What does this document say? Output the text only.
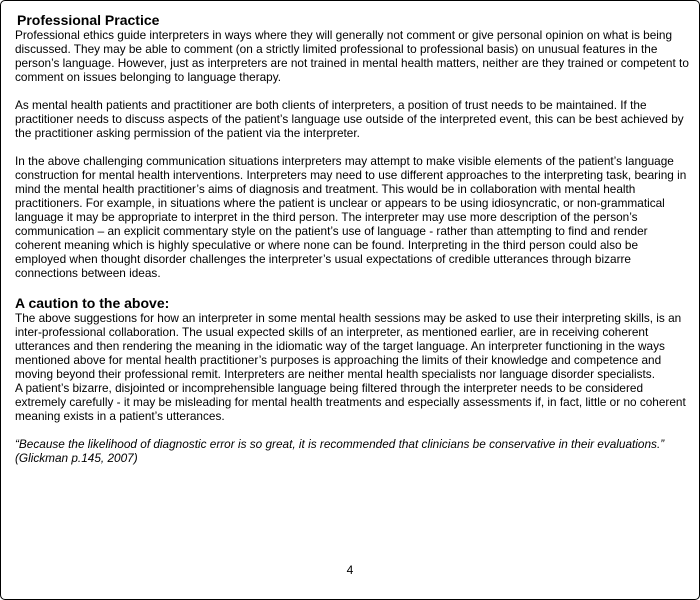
Professional Practice

Professional ethics guide interpreters in ways where they will generally not comment or give personal opinion on what is being discussed. They may be able to comment (on a strictly limited professional to professional basis) on unusual features in the person’s language. However, just as interpreters are not trained in mental health matters, neither are they trained or competent to comment on issues belonging to language therapy.

As mental health patients and practitioner are both clients of interpreters, a position of trust needs to be maintained. If the practitioner needs to discuss aspects of the patient’s language use outside of the interpreted event, this can be best achieved by the practitioner asking permission of the patient via the interpreter.

In the above challenging communication situations interpreters may attempt to make visible elements of the patient’s language construction for mental health interventions. Interpreters may need to use different approaches to the interpreting task, bearing in mind the mental health practitioner’s aims of diagnosis and treatment. This would be in collaboration with mental health practitioners. For example, in situations where the patient is unclear or appears to be using idiosyncratic, or non-grammatical language it may be appropriate to interpret in the third person. The interpreter may use more description of the person’s communication – an explicit commentary style on the patient’s use of language - rather than attempting to find and render coherent meaning which is highly speculative or where none can be found. Interpreting in the third person could also be employed when thought disorder challenges the interpreter’s usual expectations of credible utterances through bizarre connections between ideas.

A caution to the above:

The above suggestions for how an interpreter in some mental health sessions may be asked to use their interpreting skills, is an inter-professional collaboration. The usual expected skills of an interpreter, as mentioned earlier, are in receiving coherent utterances and then rendering the meaning in the idiomatic way of the target language. An interpreter functioning in the ways mentioned above for mental health practitioner’s purposes is approaching the limits of their knowledge and competence and moving beyond their professional remit. Interpreters are neither mental health specialists nor language disorder specialists.

A patient’s bizarre, disjointed or incomprehensible language being filtered through the interpreter needs to be considered extremely carefully - it may be misleading for mental health treatments and especially assessments if, in fact, little or no coherent meaning exists in a patient’s utterances.

“Because the likelihood of diagnostic error is so great, it is recommended that clinicians be conservative in their evaluations.” (Glickman p.145, 2007)

4
